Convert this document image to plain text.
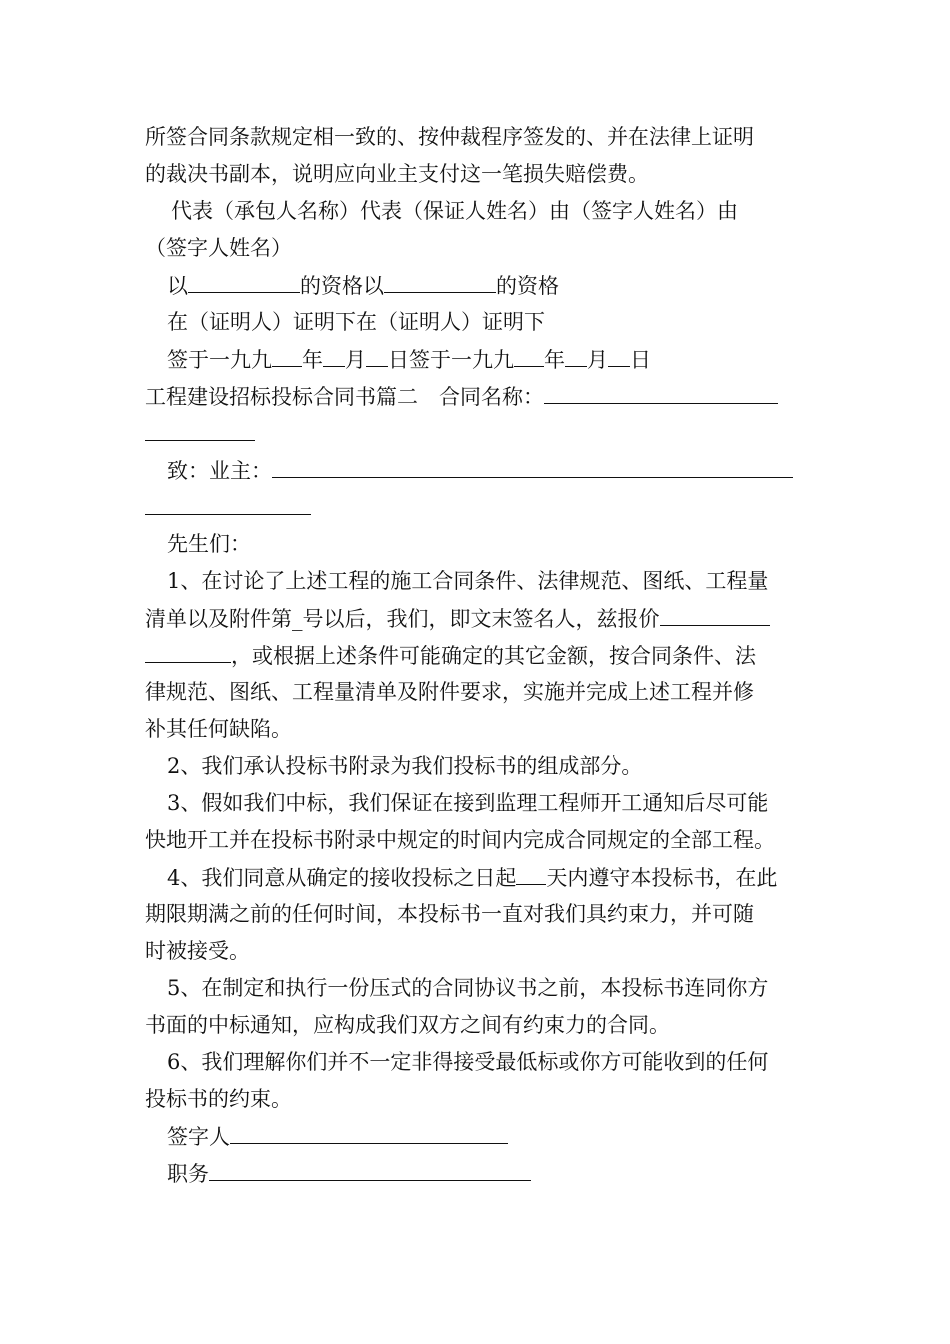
所签合同条款规定相一致的、按仲裁程序签发的、并在法律上证明
的裁决书副本，说明应向业主支付这一笔损失赔偿费。
代表（承包人名称）代表（保证人姓名）由（签字人姓名）由
（签字人姓名）
以	的资格以	的资格
在（证明人）证明下在（证明人）证明下
签于一九九 年 月 日签于一九九 年 月 日
工程建设招标投标合同书篇二　合同名称：
致：业主：
先生们：
1、在讨论了上述工程的施工合同条件、法律规范、图纸、工程量
清单以及附件第_号以后，我们，即文末签名人，兹报价
，或根据上述条件可能确定的其它金额，按合同条件、法
律规范、图纸、工程量清单及附件要求，实施并完成上述工程并修
补其任何缺陷。
2、我们承认投标书附录为我们投标书的组成部分。
3、假如我们中标，我们保证在接到监理工程师开工通知后尽可能
快地开工并在投标书附录中规定的时间内完成合同规定的全部工程。
4、我们同意从确定的接收投标之日起 天内遵守本投标书，在此
期限期满之前的任何时间，本投标书一直对我们具约束力，并可随
时被接受。
5、在制定和执行一份压式的合同协议书之前，本投标书连同你方
书面的中标通知，应构成我们双方之间有约束力的合同。
6、我们理解你们并不一定非得接受最低标或你方可能收到的任何
投标书的约束。
签字人
职务
